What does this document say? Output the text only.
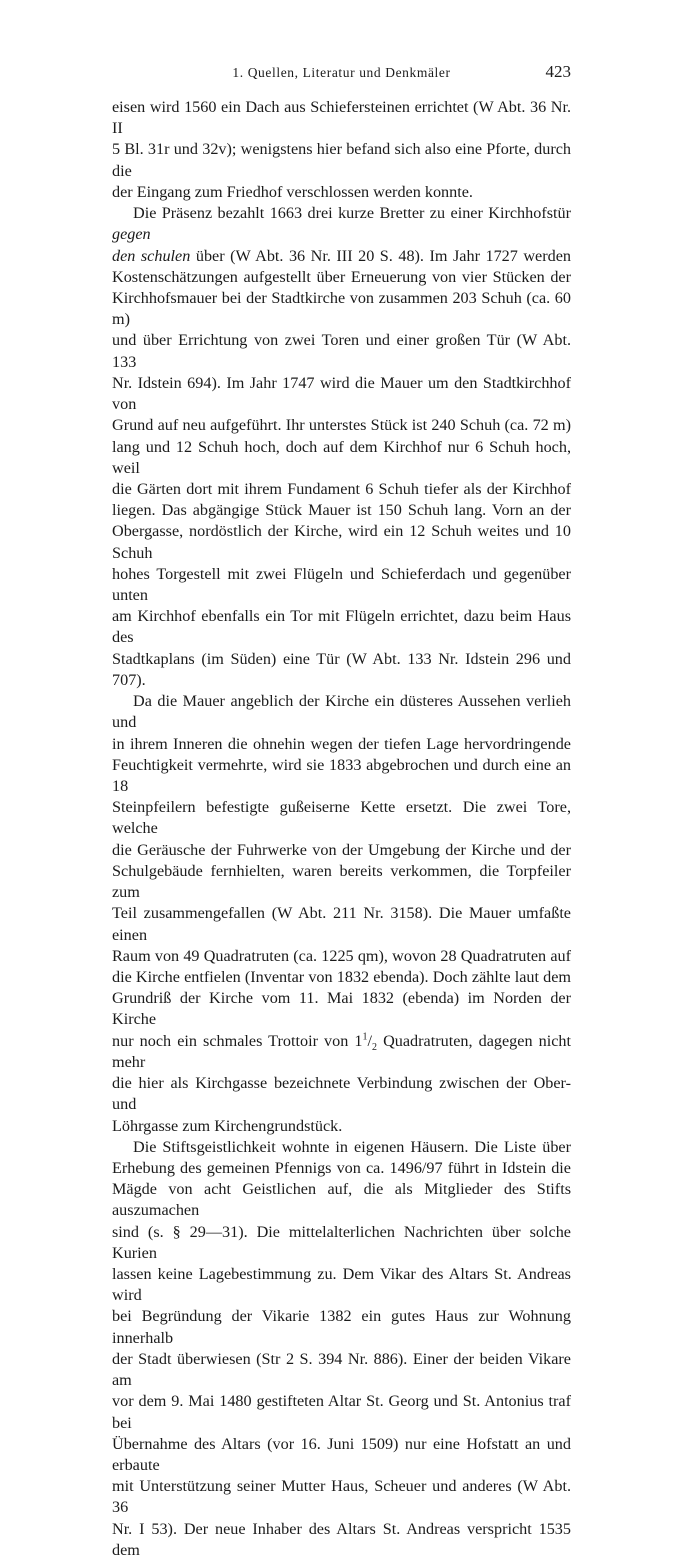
1. Quellen, Literatur und Denkmäler	423

eisen wird 1560 ein Dach aus Schiefersteinen errichtet (W Abt. 36 Nr. II
5 Bl. 31r und 32v); wenigstens hier befand sich also eine Pforte, durch die
der Eingang zum Friedhof verschlossen werden konnte.

Die Präsenz bezahlt 1663 drei kurze Bretter zu einer Kirchhofstür gegen
den schulen über (W Abt. 36 Nr. III 20 S. 48). Im Jahr 1727 werden
Kostenschätzungen aufgestellt über Erneuerung von vier Stücken der
Kirchhofsmauer bei der Stadtkirche von zusammen 203 Schuh (ca. 60 m)
und über Errichtung von zwei Toren und einer großen Tür (W Abt. 133
Nr. Idstein 694). Im Jahr 1747 wird die Mauer um den Stadtkirchhof von
Grund auf neu aufgeführt. Ihr unterstes Stück ist 240 Schuh (ca. 72 m)
lang und 12 Schuh hoch, doch auf dem Kirchhof nur 6 Schuh hoch, weil
die Gärten dort mit ihrem Fundament 6 Schuh tiefer als der Kirchhof
liegen. Das abgängige Stück Mauer ist 150 Schuh lang. Vorn an der
Obergasse, nordöstlich der Kirche, wird ein 12 Schuh weites und 10 Schuh
hohes Torgestell mit zwei Flügeln und Schieferdach und gegenüber unten
am Kirchhof ebenfalls ein Tor mit Flügeln errichtet, dazu beim Haus des
Stadtkaplans (im Süden) eine Tür (W Abt. 133 Nr. Idstein 296 und 707).

Da die Mauer angeblich der Kirche ein düsteres Aussehen verlieh und
in ihrem Inneren die ohnehin wegen der tiefen Lage hervordringende
Feuchtigkeit vermehrte, wird sie 1833 abgebrochen und durch eine an 18
Steinpfeilern befestigte gußeiserne Kette ersetzt. Die zwei Tore, welche
die Geräusche der Fuhrwerke von der Umgebung der Kirche und der
Schulgebäude fernhielten, waren bereits verkommen, die Torpfeiler zum
Teil zusammengefallen (W Abt. 211 Nr. 3158). Die Mauer umfaßte einen
Raum von 49 Quadratruten (ca. 1225 qm), wovon 28 Quadratruten auf
die Kirche entfielen (Inventar von 1832 ebenda). Doch zählte laut dem
Grundriß der Kirche vom 11. Mai 1832 (ebenda) im Norden der Kirche
nur noch ein schmales Trottoir von $1^1/_2$ Quadratruten, dagegen nicht mehr
die hier als Kirchgasse bezeichnete Verbindung zwischen der Ober- und
Löhrgasse zum Kirchengrundstück.

Die Stiftsgeistlichkeit wohnte in eigenen Häusern. Die Liste über
Erhebung des gemeinen Pfennigs von ca. 1496/97 führt in Idstein die
Mägde von acht Geistlichen auf, die als Mitglieder des Stifts auszumachen
sind (s. § 29—31). Die mittelalterlichen Nachrichten über solche Kurien
lassen keine Lagebestimmung zu. Dem Vikar des Altars St. Andreas wird
bei Begründung der Vikarie 1382 ein gutes Haus zur Wohnung innerhalb
der Stadt überwiesen (Str 2 S. 394 Nr. 886). Einer der beiden Vikare am
vor dem 9. Mai 1480 gestifteten Altar St. Georg und St. Antonius traf bei
Übernahme des Altars (vor 16. Juni 1509) nur eine Hofstatt an und erbaute
mit Unterstützung seiner Mutter Haus, Scheuer und anderes (W Abt. 36
Nr. I 53). Der neue Inhaber des Altars St. Andreas verspricht 1535 dem
